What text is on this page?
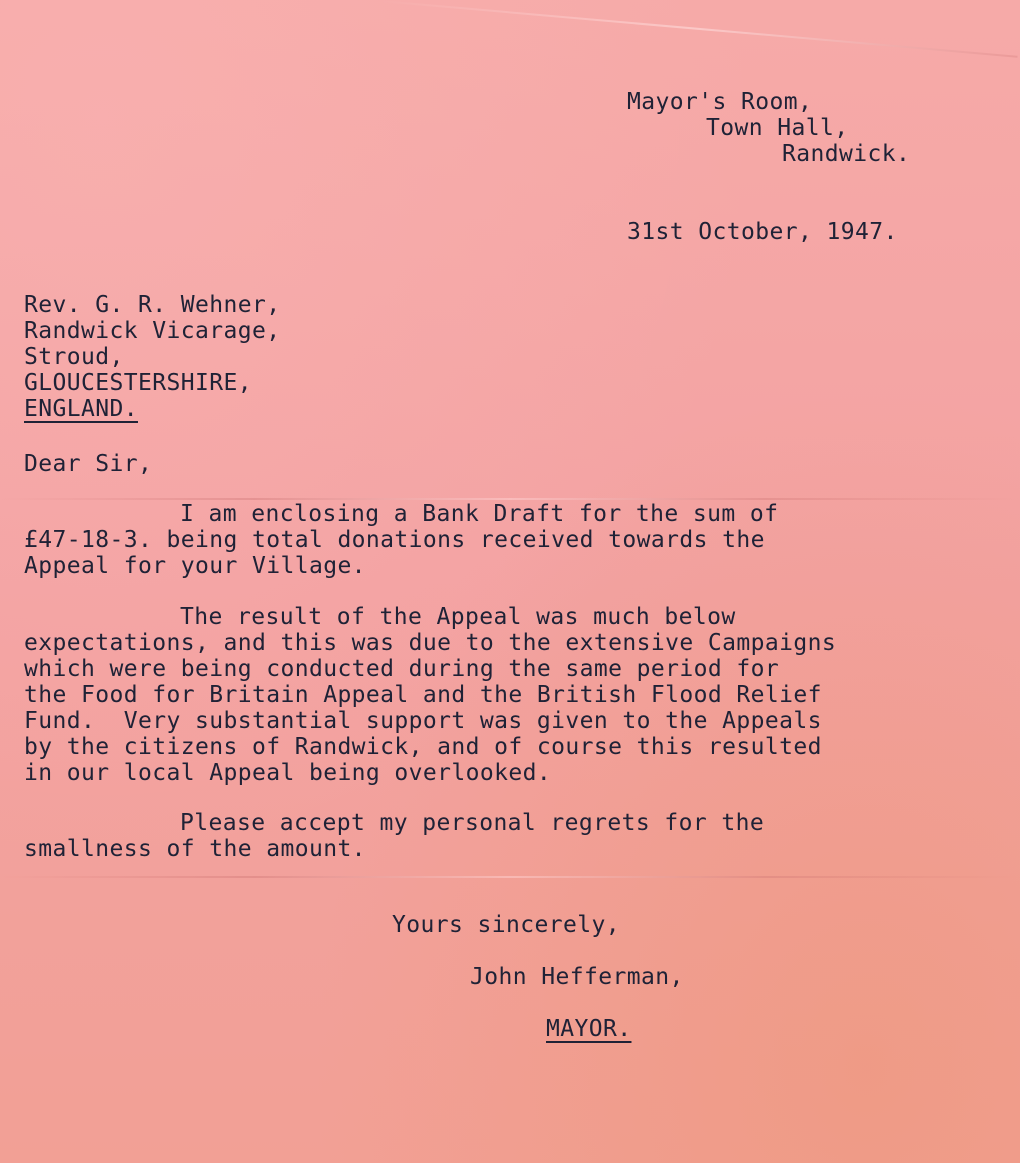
Mayor's Room,
Town Hall,
Randwick.
31st October, 1947.
Rev. G. R. Wehner,
Randwick Vicarage,
Stroud,
GLOUCESTERSHIRE,
ENGLAND.
Dear Sir,
I am enclosing a Bank Draft for the sum of
£47-18-3. being total donations received towards the
Appeal for your Village.
The result of the Appeal was much below
expectations, and this was due to the extensive Campaigns
which were being conducted during the same period for
the Food for Britain Appeal and the British Flood Relief
Fund.  Very substantial support was given to the Appeals
by the citizens of Randwick, and of course this resulted
in our local Appeal being overlooked.
Please accept my personal regrets for the
smallness of the amount.
Yours sincerely,
John Hefferman,
MAYOR.
